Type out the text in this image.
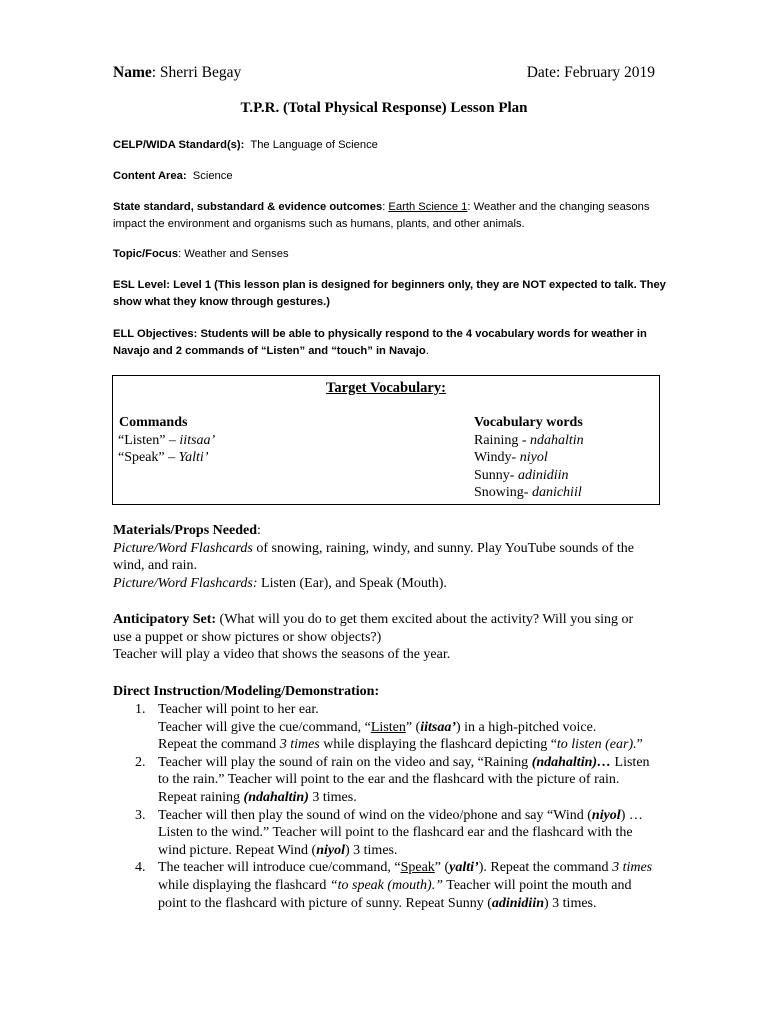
Name: Sherri Begay	Date: February 2019
T.P.R. (Total Physical Response) Lesson Plan
CELP/WIDA Standard(s): The Language of Science
Content Area: Science
State standard, substandard & evidence outcomes: Earth Science 1: Weather and the changing seasons impact the environment and organisms such as humans, plants, and other animals.
Topic/Focus: Weather and Senses
ESL Level: Level 1 (This lesson plan is designed for beginners only, they are NOT expected to talk. They show what they know through gestures.)
ELL Objectives: Students will be able to physically respond to the 4 vocabulary words for weather in Navajo and 2 commands of “Listen” and “touch” in Navajo.
Target Vocabulary:
Commands
“Listen” – iitsaa’
“Speak” – Yalti’
Vocabulary words
Raining - ndahaltin
Windy- niyol
Sunny- adinidiin
Snowing- danichiil

Materials/Props Needed:

Picture/Word Flashcards of snowing, raining, windy, and sunny. Play YouTube sounds of the wind, and rain.

Picture/Word Flashcards: Listen (Ear), and Speak (Mouth).

Anticipatory Set: (What will you do to get them excited about the activity? Will you sing or use a puppet or show pictures or show objects?)

Teacher will play a video that shows the seasons of the year.

Direct Instruction/Modeling/Demonstration:
1. Teacher will point to her ear.
Teacher will give the cue/command, “Listen” (iitsaa’) in a high-pitched voice.
Repeat the command 3 times while displaying the flashcard depicting “to listen (ear).”
2. Teacher will play the sound of rain on the video and say, “Raining (ndahaltin)… Listen to the rain.” Teacher will point to the ear and the flashcard with the picture of rain. Repeat raining (ndahaltin) 3 times.
3. Teacher will then play the sound of wind on the video/phone and say “Wind (niyol) …Listen to the wind.” Teacher will point to the flashcard ear and the flashcard with the wind picture. Repeat Wind (niyol) 3 times.
4. The teacher will introduce cue/command, “Speak” (yalti’). Repeat the command 3 times while displaying the flashcard “to speak (mouth).” Teacher will point the mouth and point to the flashcard with picture of sunny. Repeat Sunny (adinidiin) 3 times.
